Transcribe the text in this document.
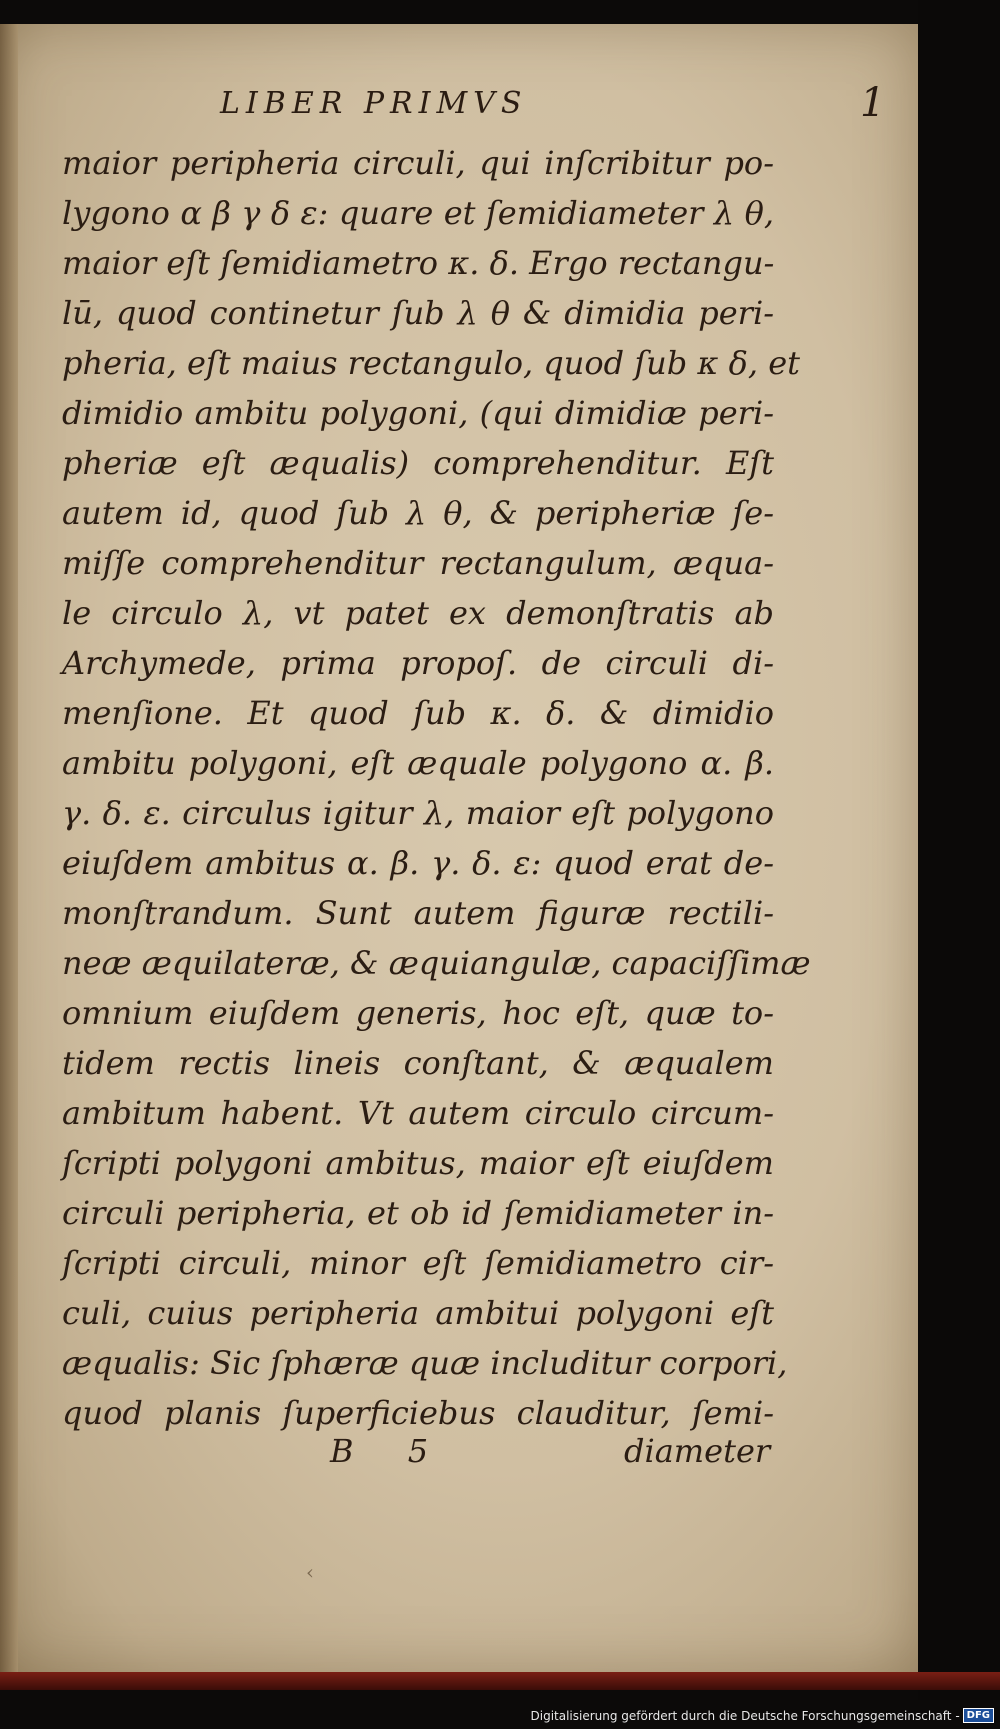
LIBER PRIMVS	1
maior peripheria circuli, qui inſcribitur po-
lygono α β γ δ ε: quare et ſemidiameter λ θ,
maior eſt ſemidiametro κ. δ. Ergo rectangu-
lū, quod continetur ſub λ θ & dimidia peri-
pheria, eſt maius rectangulo, quod ſub κ δ, et
dimidio ambitu polygoni, (qui dimidiæ peri-
pheriæ eſt æqualis) comprehenditur. Eſt
autem id, quod ſub λ θ, & peripheriæ ſe-
miſſe comprehenditur rectangulum, æqua-
le circulo λ, vt patet ex demonſtratis ab
Archymede, prima propoſ. de circuli di-
menſione. Et quod ſub κ. δ. & dimidio
ambitu polygoni, eſt æquale polygono α. β.
γ. δ. ε. circulus igitur λ, maior eſt polygono
eiuſdem ambitus α. β. γ. δ. ε: quod erat de-
monſtrandum. Sunt autem figuræ rectili-
neæ æquilateræ, & æquiangulæ, capaciſſimæ
omnium eiuſdem generis, hoc eſt, quæ to-
tidem rectis lineis conſtant, & æqualem
ambitum habent. Vt autem circulo circum-
ſcripti polygoni ambitus, maior eſt eiuſdem
circuli peripheria, et ob id ſemidiameter in-
ſcripti circuli, minor eſt ſemidiametro cir-
culi, cuius peripheria ambitui polygoni eſt
æqualis: Sic ſphæræ quæ includitur corpori,
quod planis ſuperficiebus clauditur, ſemi-
B 5	diameter
‹
Digitalisierung gefördert durch die Deutsche Forschungsgemeinschaft - DFG
